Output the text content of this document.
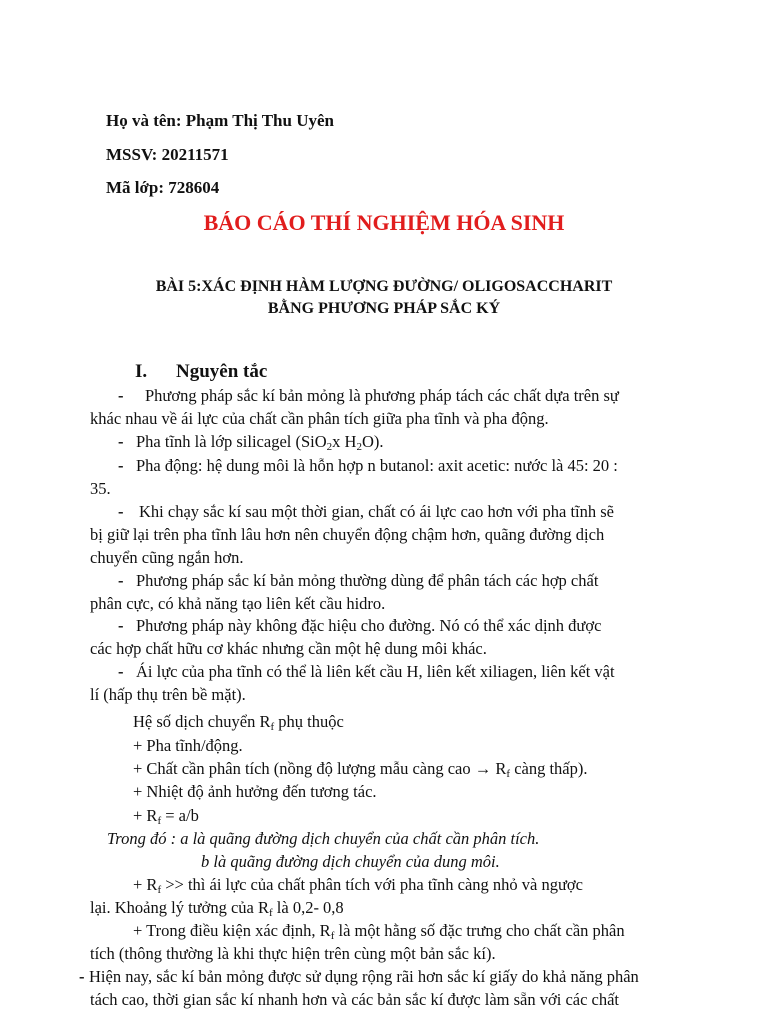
Họ và tên: Phạm Thị Thu Uyên
MSSV: 20211571
Mã lớp: 728604
BÁO CÁO THÍ NGHIỆM HÓA SINH
BÀI 5:XÁC ĐỊNH HÀM LƯỢNG ĐƯỜNG/ OLIGOSACCHARIT
BẰNG PHƯƠNG PHÁP SẮC KÝ
I. Nguyên tắc
- Phương pháp sắc kí bản mỏng là phương pháp tách các chất dựa trên sự
khác nhau về ái lực của chất cần phân tích giữa pha tĩnh và pha động.
- Pha tĩnh là lớp silicagel (SiO$_2$x $H_2O$).
- Pha động: hệ dung môi là hỗn hợp n butanol: axit acetic: nước là 45: 20 :
35.
- Khi chạy sắc kí sau một thời gian, chất có ái lực cao hơn với pha tĩnh sẽ
bị giữ lại trên pha tĩnh lâu hơn nên chuyển động chậm hơn, quãng đường dịch
chuyển cũng ngắn hơn.
- Phương pháp sắc kí bản mỏng thường dùng để phân tách các hợp chất
phân cực, có khả năng tạo liên kết cầu hidro.
- Phương pháp này không đặc hiệu cho đường. Nó có thể xác dịnh được
các hợp chất hữu cơ khác nhưng cần một hệ dung môi khác.
- Ái lực của pha tĩnh có thể là liên kết cầu H, liên kết xiliagen, liên kết vật
lí (hấp thụ trên bề mặt).
Hệ số dịch chuyển $R_f$ phụ thuộc
+ Pha tĩnh/động.
+ Chất cần phân tích (nồng độ lượng mẫu càng cao → $R_f$ càng thấp).
+ Nhiệt độ ảnh hưởng đến tương tác.
+ $R_f = a/b$
Trong đó : a là quãng đường dịch chuyển của chất cần phân tích.
b là quãng đường dịch chuyển của dung môi.
+ $R_f$ >> thì ái lực của chất phân tích với pha tĩnh càng nhỏ và ngược
lại. Khoảng lý tưởng của $R_f$ là 0,2- 0,8
+ Trong điều kiện xác định, $R_f$ là một hằng số đặc trưng cho chất cần phân
tích (thông thường là khi thực hiện trên cùng một bản sắc kí).
- Hiện nay, sắc kí bản mỏng được sử dụng rộng rãi hơn sắc kí giấy do khả năng phân
tách cao, thời gian sắc kí nhanh hơn và các bản sắc kí được làm sẵn với các chất
